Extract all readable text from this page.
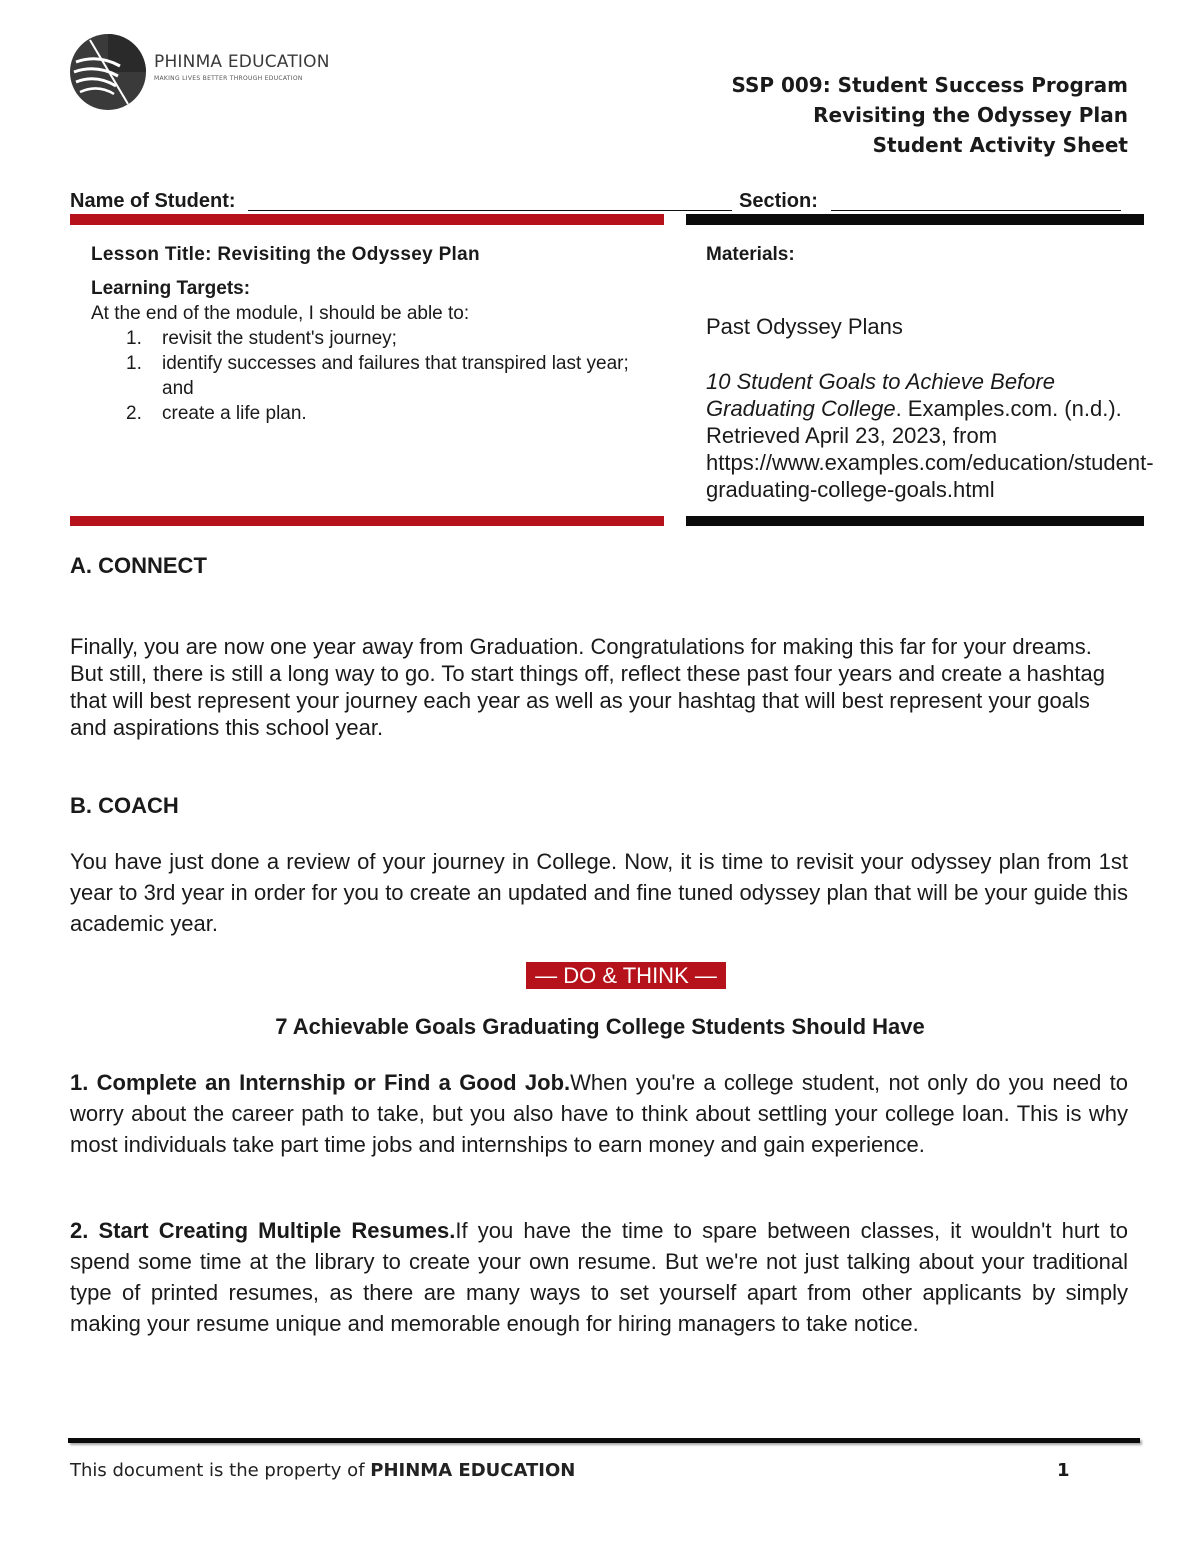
PHINMA EDUCATION
MAKING LIVES BETTER THROUGH EDUCATION	SSP 009: Student Success Program
Revisiting the Odyssey Plan
Student Activity Sheet
Name of Student:	Section:
Lesson Title: Revisiting the Odyssey Plan
Learning Targets:
At the end of the module, I should be able to:
1. revisit the student's journey;
1. identify successes and failures that transpired last year; and
2. create a life plan.
Materials:
Past Odyssey Plans
10 Student Goals to Achieve Before Graduating College. Examples.com. (n.d.). Retrieved April 23, 2023, from https://www.examples.com/education/student-graduating-college-goals.html
A. CONNECT
Finally, you are now one year away from Graduation. Congratulations for making this far for your dreams. But still, there is still a long way to go. To start things off, reflect these past four years and create a hashtag that will best represent your journey each year as well as your hashtag that will best represent your goals and aspirations this school year.
B. COACH
You have just done a review of your journey in College. Now, it is time to revisit your odyssey plan from 1st year to 3rd year in order for you to create an updated and fine tuned odyssey plan that will be your guide this academic year.
— DO & THINK —
7 Achievable Goals Graduating College Students Should Have
1. Complete an Internship or Find a Good Job.When you're a college student, not only do you need to worry about the career path to take, but you also have to think about settling your college loan. This is why most individuals take part time jobs and internships to earn money and gain experience.
2. Start Creating Multiple Resumes.If you have the time to spare between classes, it wouldn't hurt to spend some time at the library to create your own resume. But we're not just talking about your traditional type of printed resumes, as there are many ways to set yourself apart from other applicants by simply making your resume unique and memorable enough for hiring managers to take notice.
This document is the property of PHINMA EDUCATION	1
